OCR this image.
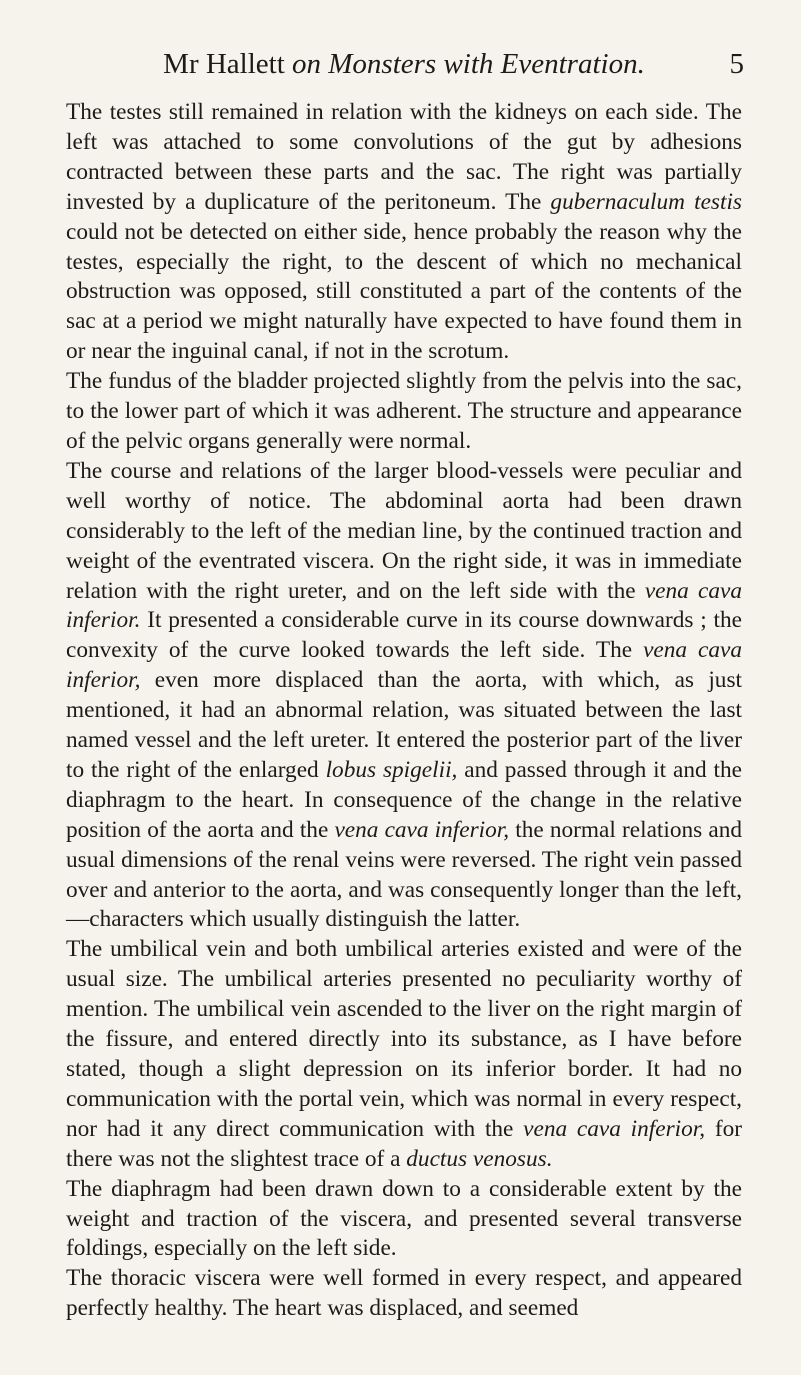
Mr Hallett on Monsters with Eventration.	5

The testes still remained in relation with the kidneys on each side. The left was attached to some convolutions of the gut by adhesions contracted between these parts and the sac. The right was partially invested by a duplicature of the peritoneum. The gubernaculum testis could not be detected on either side, hence probably the reason why the testes, especially the right, to the descent of which no mechanical obstruction was opposed, still constituted a part of the contents of the sac at a period we might naturally have expected to have found them in or near the inguinal canal, if not in the scrotum.

The fundus of the bladder projected slightly from the pelvis into the sac, to the lower part of which it was adherent. The structure and appearance of the pelvic organs generally were normal.

The course and relations of the larger blood-vessels were peculiar and well worthy of notice. The abdominal aorta had been drawn considerably to the left of the median line, by the continued traction and weight of the eventrated viscera. On the right side, it was in immediate relation with the right ureter, and on the left side with the vena cava inferior. It presented a considerable curve in its course downwards ; the convexity of the curve looked towards the left side. The vena cava inferior, even more displaced than the aorta, with which, as just mentioned, it had an abnormal relation, was situated between the last named vessel and the left ureter. It entered the posterior part of the liver to the right of the enlarged lobus spigelii, and passed through it and the diaphragm to the heart. In consequence of the change in the relative position of the aorta and the vena cava inferior, the normal relations and usual dimensions of the renal veins were reversed. The right vein passed over and anterior to the aorta, and was consequently longer than the left,—characters which usually distinguish the latter.

The umbilical vein and both umbilical arteries existed and were of the usual size. The umbilical arteries presented no peculiarity worthy of mention. The umbilical vein ascended to the liver on the right margin of the fissure, and entered directly into its substance, as I have before stated, though a slight depression on its inferior border. It had no communication with the portal vein, which was normal in every respect, nor had it any direct communication with the vena cava inferior, for there was not the slightest trace of a ductus venosus.

The diaphragm had been drawn down to a considerable extent by the weight and traction of the viscera, and presented several transverse foldings, especially on the left side.

The thoracic viscera were well formed in every respect, and appeared perfectly healthy. The heart was displaced, and seemed
